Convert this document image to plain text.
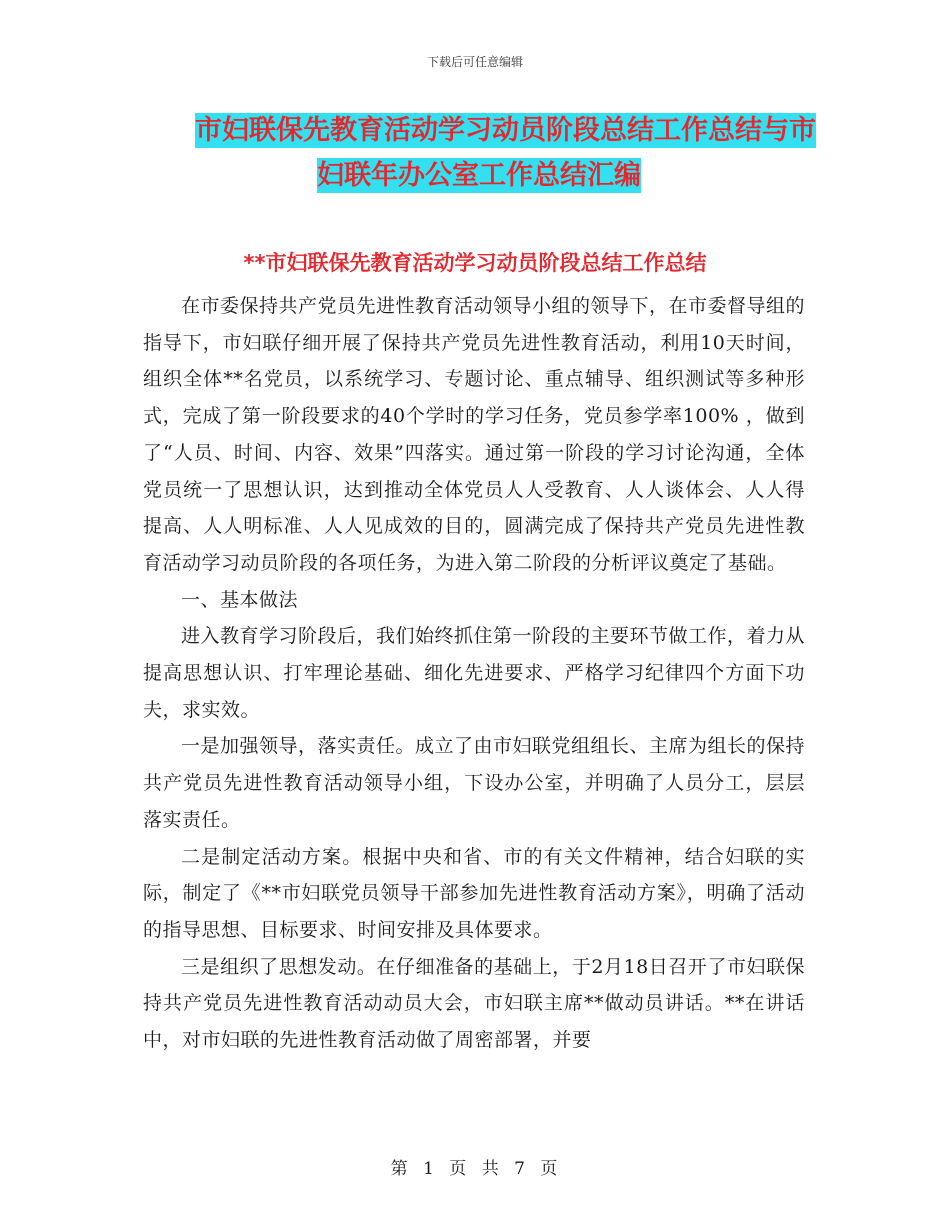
下载后可任意编辑
市妇联保先教育活动学习动员阶段总结工作总结与市
妇联年办公室工作总结汇编
**市妇联保先教育活动学习动员阶段总结工作总结

在市委保持共产党员先进性教育活动领导小组的领导下，在市委督导组的指导下，市妇联仔细开展了保持共产党员先进性教育活动，利用10天时间，组织全体**名党员，以系统学习、专题讨论、重点辅导、组织测试等多种形式，完成了第一阶段要求的40个学时的学习任务，党员参学率100% ，做到了“人员、时间、内容、效果”四落实。通过第一阶段的学习讨论沟通，全体党员统一了思想认识，达到推动全体党员人人受教育、人人谈体会、人人得提高、人人明标准、人人见成效的目的，圆满完成了保持共产党员先进性教育活动学习动员阶段的各项任务，为进入第二阶段的分析评议奠定了基础。

一、基本做法

进入教育学习阶段后，我们始终抓住第一阶段的主要环节做工作，着力从提高思想认识、打牢理论基础、细化先进要求、严格学习纪律四个方面下功夫，求实效。

一是加强领导，落实责任。成立了由市妇联党组组长、主席为组长的保持共产党员先进性教育活动领导小组，下设办公室，并明确了人员分工，层层落实责任。

二是制定活动方案。根据中央和省、市的有关文件精神，结合妇联的实际，制定了《**市妇联党员领导干部参加先进性教育活动方案》，明确了活动的指导思想、目标要求、时间安排及具体要求。

三是组织了思想发动。在仔细准备的基础上，于2月18日召开了市妇联保持共产党员先进性教育活动动员大会，市妇联主席**做动员讲话。**在讲话中，对市妇联的先进性教育活动做了周密部署，并要

第 1 页 共 7 页
